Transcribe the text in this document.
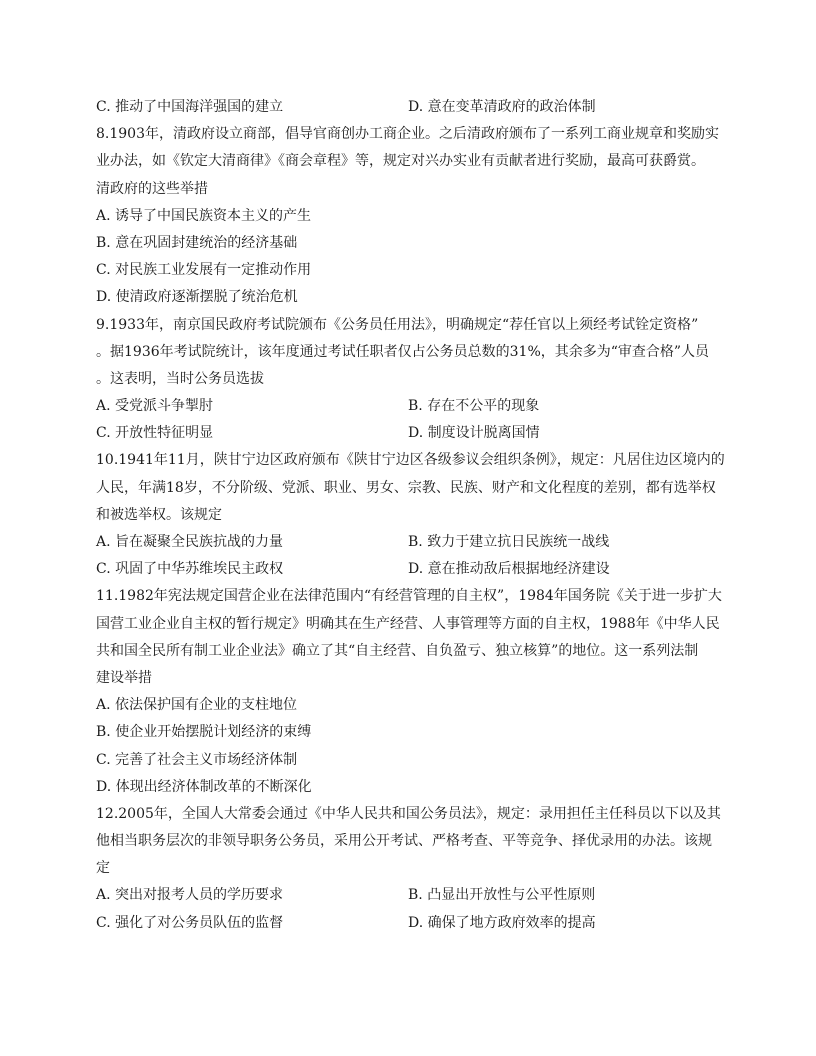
C. 推动了中国海洋强国的建立	D. 意在变革清政府的政治体制
8.1903年，清政府设立商部，倡导官商创办工商企业。之后清政府颁布了一系列工商业规章和奖励实
业办法，如《钦定大清商律》《商会章程》等，规定对兴办实业有贡献者进行奖励，最高可获爵赏。
清政府的这些举措
A. 诱导了中国民族资本主义的产生
B. 意在巩固封建统治的经济基础
C. 对民族工业发展有一定推动作用
D. 使清政府逐渐摆脱了统治危机
9.1933年，南京国民政府考试院颁布《公务员任用法》，明确规定“荐任官以上须经考试铨定资格”
。据1936年考试院统计，该年度通过考试任职者仅占公务员总数的31%，其余多为“审查合格”人员
。这表明，当时公务员选拔
A. 受党派斗争掣肘	B. 存在不公平的现象
C. 开放性特征明显	D. 制度设计脱离国情
10.1941年11月，陕甘宁边区政府颁布《陕甘宁边区各级参议会组织条例》，规定：凡居住边区境内的
人民，年满18岁，不分阶级、党派、职业、男女、宗教、民族、财产和文化程度的差别，都有选举权
和被选举权。该规定
A. 旨在凝聚全民族抗战的力量	B. 致力于建立抗日民族统一战线
C. 巩固了中华苏维埃民主政权	D. 意在推动敌后根据地经济建设
11.1982年宪法规定国营企业在法律范围内“有经营管理的自主权”，1984年国务院《关于进一步扩大
国营工业企业自主权的暂行规定》明确其在生产经营、人事管理等方面的自主权，1988年《中华人民
共和国全民所有制工业企业法》确立了其“自主经营、自负盈亏、独立核算”的地位。这一系列法制
建设举措
A. 依法保护国有企业的支柱地位
B. 使企业开始摆脱计划经济的束缚
C. 完善了社会主义市场经济体制
D. 体现出经济体制改革的不断深化
12.2005年，全国人大常委会通过《中华人民共和国公务员法》，规定：录用担任主任科员以下以及其
他相当职务层次的非领导职务公务员，采用公开考试、严格考查、平等竞争、择优录用的办法。该规
定
A. 突出对报考人员的学历要求	B. 凸显出开放性与公平性原则
C. 强化了对公务员队伍的监督	D. 确保了地方政府效率的提高
